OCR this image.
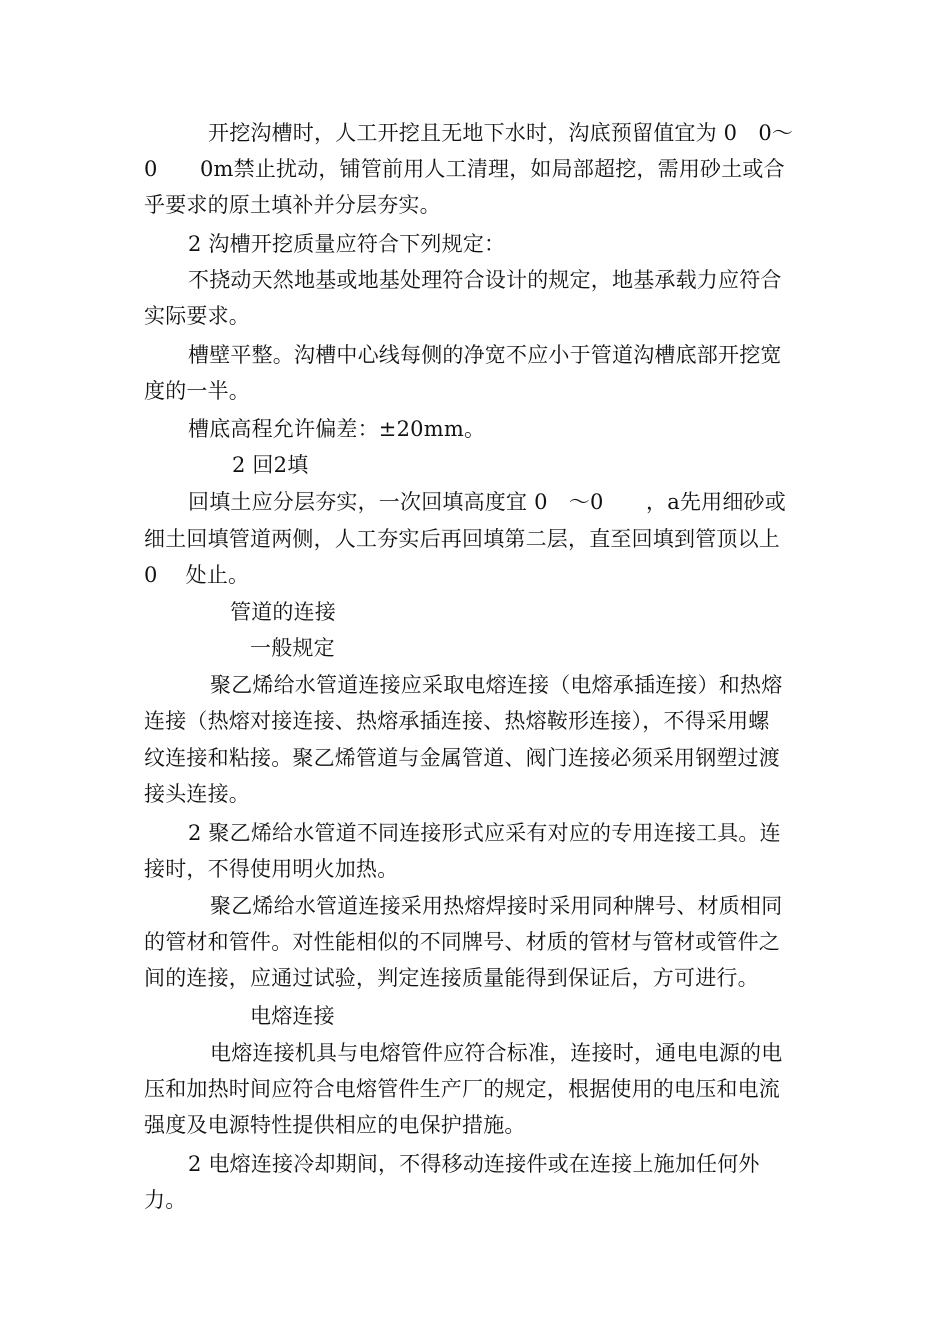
开挖沟槽时，人工开挖且无地下水时，沟底预留值宜为 0　0～
0　　0m禁止扰动，铺管前用人工清理，如局部超挖，需用砂土或合
乎要求的原土填补并分层夯实。
2 沟槽开挖质量应符合下列规定：
不挠动天然地基或地基处理符合设计的规定，地基承载力应符合
实际要求。
槽壁平整。沟槽中心线每侧的净宽不应小于管道沟槽底部开挖宽
度的一半。
槽底高程允许偏差：±20mm。
2 回2填
回填土应分层夯实，一次回填高度宜 0　～0　　，a先用细砂或
细土回填管道两侧，人工夯实后再回填第二层，直至回填到管顶以上
0　 处止。
管道的连接
一般规定
聚乙烯给水管道连接应采取电熔连接（电熔承插连接）和热熔
连接（热熔对接连接、热熔承插连接、热熔鞍形连接），不得采用螺
纹连接和粘接。聚乙烯管道与金属管道、阀门连接必须采用钢塑过渡
接头连接。
2 聚乙烯给水管道不同连接形式应采有对应的专用连接工具。连
接时，不得使用明火加热。
聚乙烯给水管道连接采用热熔焊接时采用同种牌号、材质相同
的管材和管件。对性能相似的不同牌号、材质的管材与管材或管件之
间的连接，应通过试验，判定连接质量能得到保证后，方可进行。
电熔连接
电熔连接机具与电熔管件应符合标准，连接时，通电电源的电
压和加热时间应符合电熔管件生产厂的规定，根据使用的电压和电流
强度及电源特性提供相应的电保护措施。
2 电熔连接冷却期间，不得移动连接件或在连接上施加任何外
力。
